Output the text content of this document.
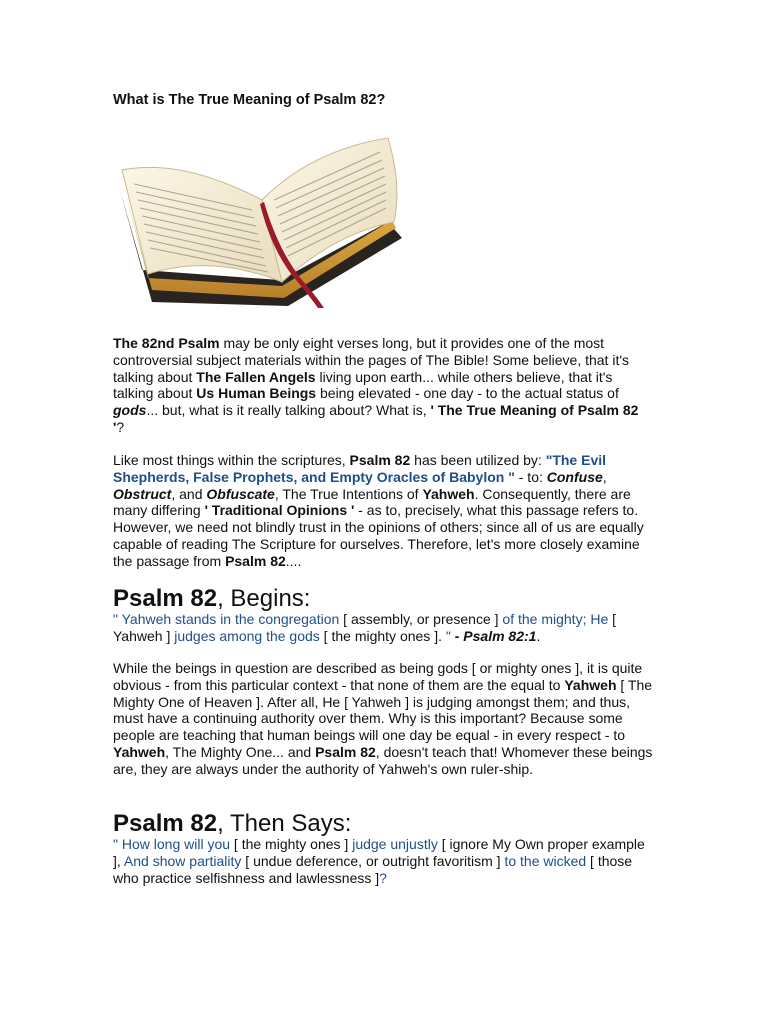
What is The True Meaning of Psalm 82?

The 82nd Psalm may be only eight verses long, but it provides one of the most controversial subject materials within the pages of The Bible! Some believe, that it's talking about The Fallen Angels living upon earth... while others believe, that it's talking about Us Human Beings being elevated - one day - to the actual status of gods... but, what is it really talking about? What is, ' The True Meaning of Psalm 82 '?

Like most things within the scriptures, Psalm 82 has been utilized by: "The Evil Shepherds, False Prophets, and Empty Oracles of Babylon " - to: Confuse, Obstruct, and Obfuscate, The True Intentions of Yahweh. Consequently, there are many differing ' Traditional Opinions ' - as to, precisely, what this passage refers to. However, we need not blindly trust in the opinions of others; since all of us are equally capable of reading The Scripture for ourselves. Therefore, let's more closely examine the passage from Psalm 82....

Psalm 82, Begins:

" Yahweh stands in the congregation [ assembly, or presence ] of the mighty; He [ Yahweh ] judges among the gods [ the mighty ones ]. " - Psalm 82:1.

While the beings in question are described as being gods [ or mighty ones ], it is quite obvious - from this particular context - that none of them are the equal to Yahweh [ The Mighty One of Heaven ]. After all, He [ Yahweh ] is judging amongst them; and thus, must have a continuing authority over them. Why is this important? Because some people are teaching that human beings will one day be equal - in every respect - to Yahweh, The Mighty One... and Psalm 82, doesn't teach that! Whomever these beings are, they are always under the authority of Yahweh's own ruler-ship.

Psalm 82, Then Says:

" How long will you [ the mighty ones ] judge unjustly [ ignore My Own proper example ], And show partiality [ undue deference, or outright favoritism ] to the wicked [ those who practice selfishness and lawlessness ]?
